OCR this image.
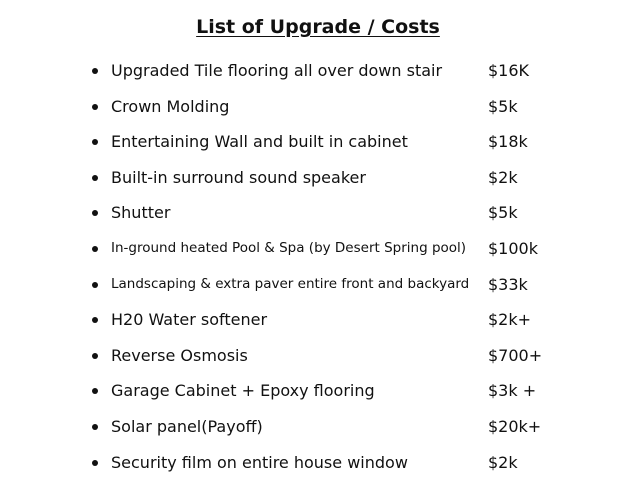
List of Upgrade / Costs
Upgraded Tile flooring all over down stair	$16K
Crown Molding	$5k
Entertaining Wall and built in cabinet	$18k
Built-in surround sound speaker	$2k
Shutter	$5k
In-ground heated Pool & Spa (by Desert Spring pool) $100k
Landscaping & extra paver entire front and backyard $33k
H20 Water softener	$2k+
Reverse Osmosis	$700+
Garage Cabinet + Epoxy flooring	$3k +
Solar panel(Payoff)	$20k+
Security film on entire house window	$2k
